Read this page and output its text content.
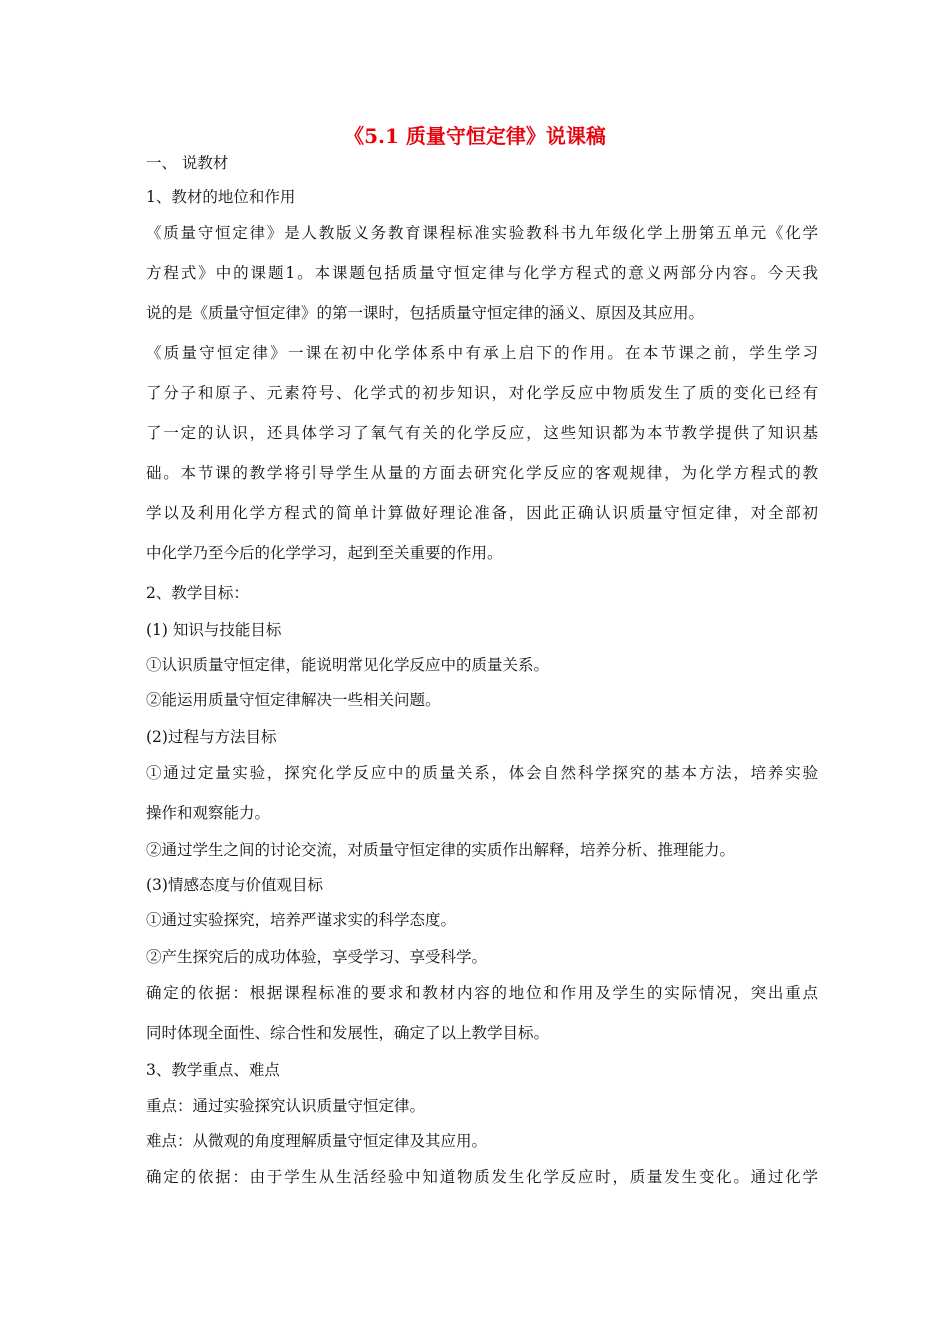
《5.1 质量守恒定律》说课稿
一、 说教材
1、教材的地位和作用
《质量守恒定律》是人教版义务教育课程标准实验教科书九年级化学上册第五单元《化学
方程式》中的课题1。本课题包括质量守恒定律与化学方程式的意义两部分内容。今天我
说的是《质量守恒定律》的第一课时，包括质量守恒定律的涵义、原因及其应用。
《质量守恒定律》一课在初中化学体系中有承上启下的作用。在本节课之前，学生学习
了分子和原子、元素符号、化学式的初步知识，对化学反应中物质发生了质的变化已经有
了一定的认识，还具体学习了氧气有关的化学反应，这些知识都为本节教学提供了知识基
础。本节课的教学将引导学生从量的方面去研究化学反应的客观规律，为化学方程式的教
学以及利用化学方程式的简单计算做好理论准备，因此正确认识质量守恒定律，对全部初
中化学乃至今后的化学学习，起到至关重要的作用。
2、教学目标：
(1) 知识与技能目标
①认识质量守恒定律，能说明常见化学反应中的质量关系。
②能运用质量守恒定律解决一些相关问题。
(2)过程与方法目标
①通过定量实验，探究化学反应中的质量关系，体会自然科学探究的基本方法，培养实验
操作和观察能力。
②通过学生之间的讨论交流，对质量守恒定律的实质作出解释，培养分析、推理能力。
(3)情感态度与价值观目标
①通过实验探究，培养严谨求实的科学态度。
②产生探究后的成功体验，享受学习、享受科学。
确定的依据：根据课程标准的要求和教材内容的地位和作用及学生的实际情况，突出重点
同时体现全面性、综合性和发展性，确定了以上教学目标。
3、教学重点、难点
重点：通过实验探究认识质量守恒定律。
难点：从微观的角度理解质量守恒定律及其应用。
确定的依据：由于学生从生活经验中知道物质发生化学反应时，质量发生变化。通过化学
